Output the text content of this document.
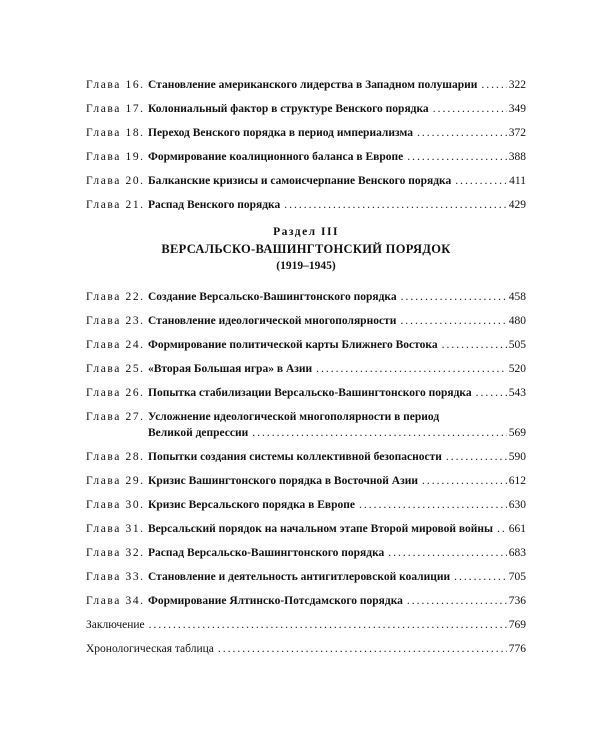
Глава 16. Становление американского лидерства в Западном полушарии .....	322
Глава 17. Колониальный фактор в структуре Венского порядка .....	349
Глава 18. Переход Венского порядка в период империализма .....	372
Глава 19. Формирование коалиционного баланса в Европе .....	388
Глава 20. Балканские кризисы и самоисчерпание Венского порядка .....	411
Глава 21. Распад Венского порядка .....	429
Раздел III
ВЕРСАЛЬСКО-ВАШИНГТОНСКИЙ ПОРЯДОК
(1919–1945)
Глава 22. Создание Версальско-Вашингтонского порядка .....	458
Глава 23. Становление идеологической многополярности .....	480
Глава 24. Формирование политической карты Ближнего Востока .....	505
Глава 25. «Вторая Большая игра» в Азии .....	520
Глава 26. Попытка стабилизации Версальско-Вашингтонского порядка .....	543
Глава 27. Усложнение идеологической многополярности в период
Великой депрессии .....	569
Глава 28. Попытки создания системы коллективной безопасности .....	590
Глава 29. Кризис Вашингтонского порядка в Восточной Азии .....	612
Глава 30. Кризис Версальского порядка в Европе .....	630
Глава 31. Версальский порядок на начальном этапе Второй мировой войны ..... 661
Глава 32. Распад Версальско-Вашингтонского порядка .....	683
Глава 33. Становление и деятельность антигитлеровской коалиции .....	705
Глава 34. Формирование Ялтинско-Потсдамского порядка .....	736
Заключение .....	769
Хронологическая таблица .....	776
